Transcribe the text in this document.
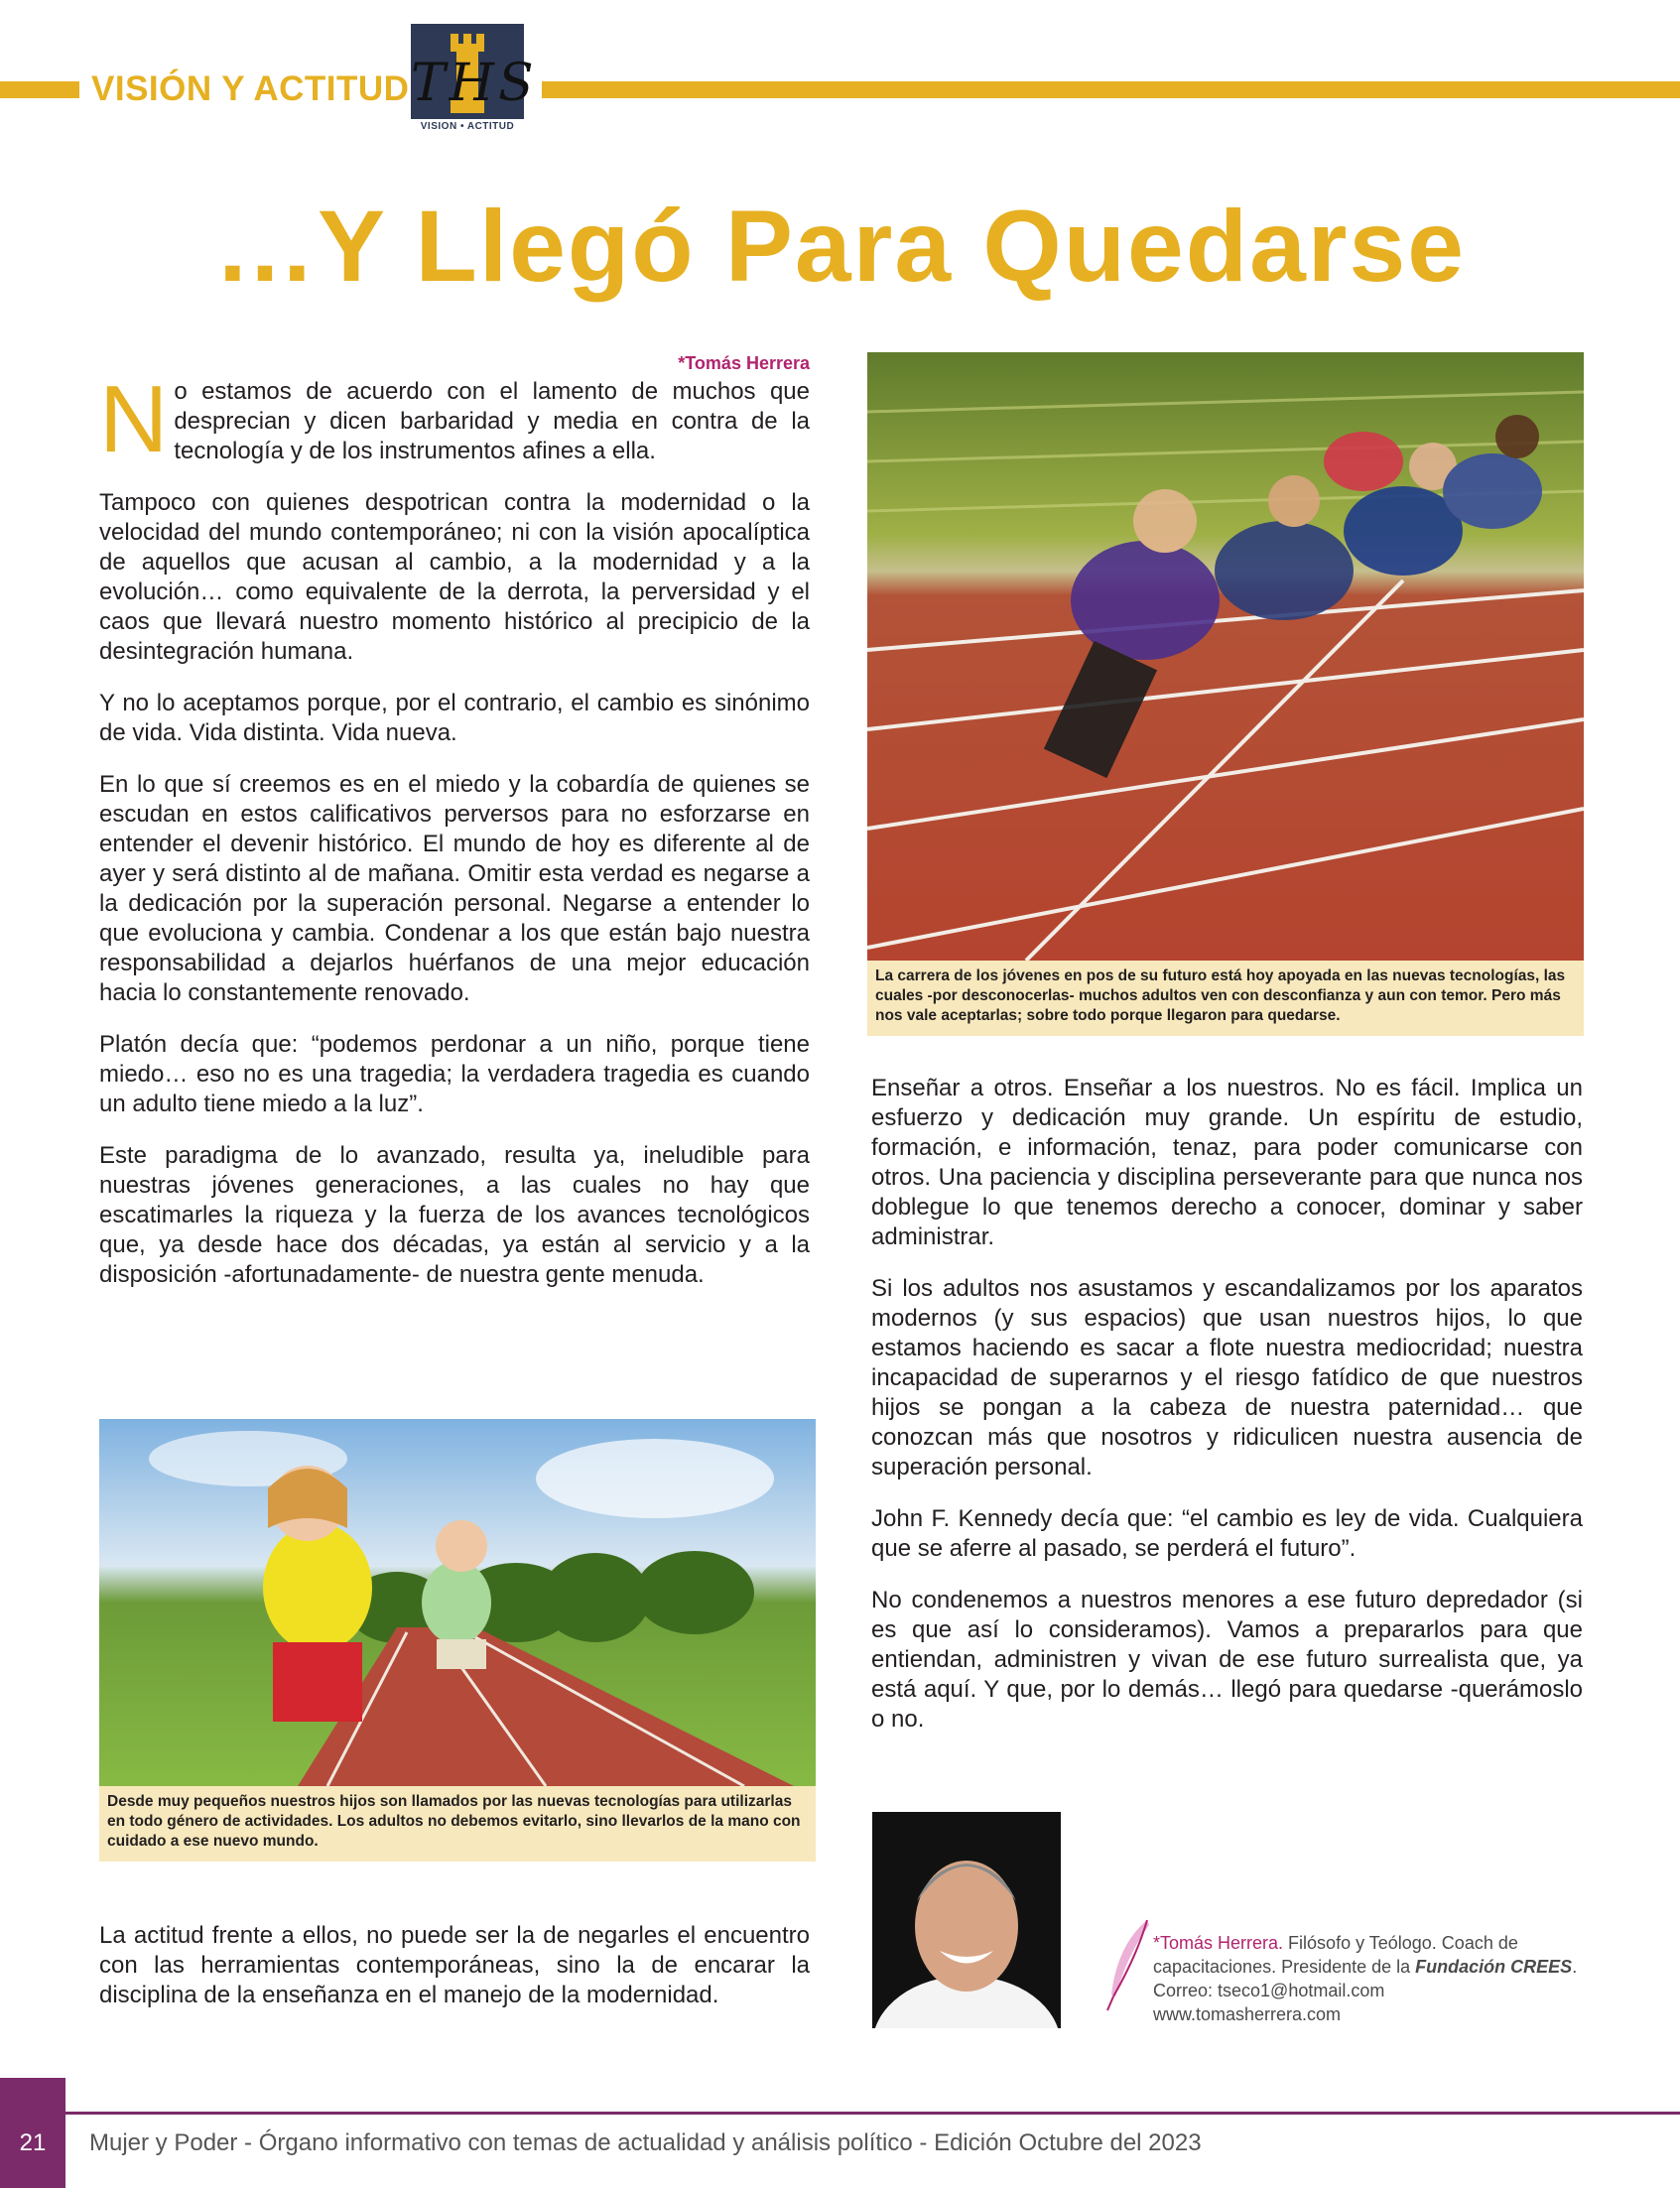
VISIÓN Y ACTITUD THS
VISION • ACTITUD
…Y Llegó Para Quedarse
*Tomás Herrera

N o estamos de acuerdo con el lamento de muchos que desprecian y dicen barbaridad y media en contra de la tecnología y de los instrumentos afines a ella.

Tampoco con quienes despotrican contra la modernidad o la velocidad del mundo contemporáneo; ni con la visión apocalíptica de aquellos que acusan al cambio, a la modernidad y a la evolución… como equivalente de la derrota, la perversidad y el caos que llevará nuestro momento histórico al precipicio de la desintegración humana.

Y no lo aceptamos porque, por el contrario, el cambio es sinónimo de vida. Vida distinta. Vida nueva.

En lo que sí creemos es en el miedo y la cobardía de quienes se escudan en estos calificativos perversos para no esforzarse en entender el devenir histórico. El mundo de hoy es diferente al de ayer y será distinto al de mañana. Omitir esta verdad es negarse a la dedicación por la superación personal. Negarse a entender lo que evoluciona y cambia. Condenar a los que están bajo nuestra responsabilidad a dejarlos huérfanos de una mejor educación hacia lo constantemente renovado.

Platón decía que: “podemos perdonar a un niño, porque tiene miedo… eso no es una tragedia; la verdadera tragedia es cuando un adulto tiene miedo a la luz”.

Este paradigma de lo avanzado, resulta ya, ineludible para nuestras jóvenes generaciones, a las cuales no hay que escatimarles la riqueza y la fuerza de los avances tecnológicos que, ya desde hace dos décadas, ya están al servicio y a la disposición -afortunadamente- de nuestra gente menuda.

La carrera de los jóvenes en pos de su futuro está hoy apoyada en las nuevas tecnologías, las cuales -por desconocerlas- muchos adultos ven con desconfianza y aun con temor. Pero más nos vale aceptarlas; sobre todo porque llegaron para quedarse.
Desde muy pequeños nuestros hijos son llamados por las nuevas tecnologías para utilizarlas en todo género de actividades. Los adultos no debemos evitarlo, sino llevarlos de la mano con cuidado a ese nuevo mundo.
La actitud frente a ellos, no puede ser la de negarles el encuentro con las herramientas contemporáneas, sino la de encarar la disciplina de la enseñanza en el manejo de la modernidad.

Enseñar a otros. Enseñar a los nuestros. No es fácil. Implica un esfuerzo y dedicación muy grande. Un espíritu de estudio, formación, e información, tenaz, para poder comunicarse con otros. Una paciencia y disciplina perseverante para que nunca nos doblegue lo que tenemos derecho a conocer, dominar y saber administrar.

Si los adultos nos asustamos y escandalizamos por los aparatos modernos (y sus espacios) que usan nuestros hijos, lo que estamos haciendo es sacar a flote nuestra mediocridad; nuestra incapacidad de superarnos y el riesgo fatídico de que nuestros hijos se pongan a la cabeza de nuestra paternidad… que conozcan más que nosotros y ridiculicen nuestra ausencia de superación personal.

John F. Kennedy decía que: “el cambio es ley de vida. Cualquiera que se aferre al pasado, se perderá el futuro”.

No condenemos a nuestros menores a ese futuro depredador (si es que así lo consideramos). Vamos a prepararlos para que entiendan, administren y vivan de ese futuro surrealista que, ya está aquí. Y que, por lo demás… llegó para quedarse -querámoslo o no.

*Tomás Herrera. Filósofo y Teólogo. Coach de capacitaciones. Presidente de la Fundación CREES.
Correo: tseco1@hotmail.com
www.tomasherrera.com
21	Mujer y Poder - Órgano informativo con temas de actualidad y análisis político - Edición Octubre del 2023
